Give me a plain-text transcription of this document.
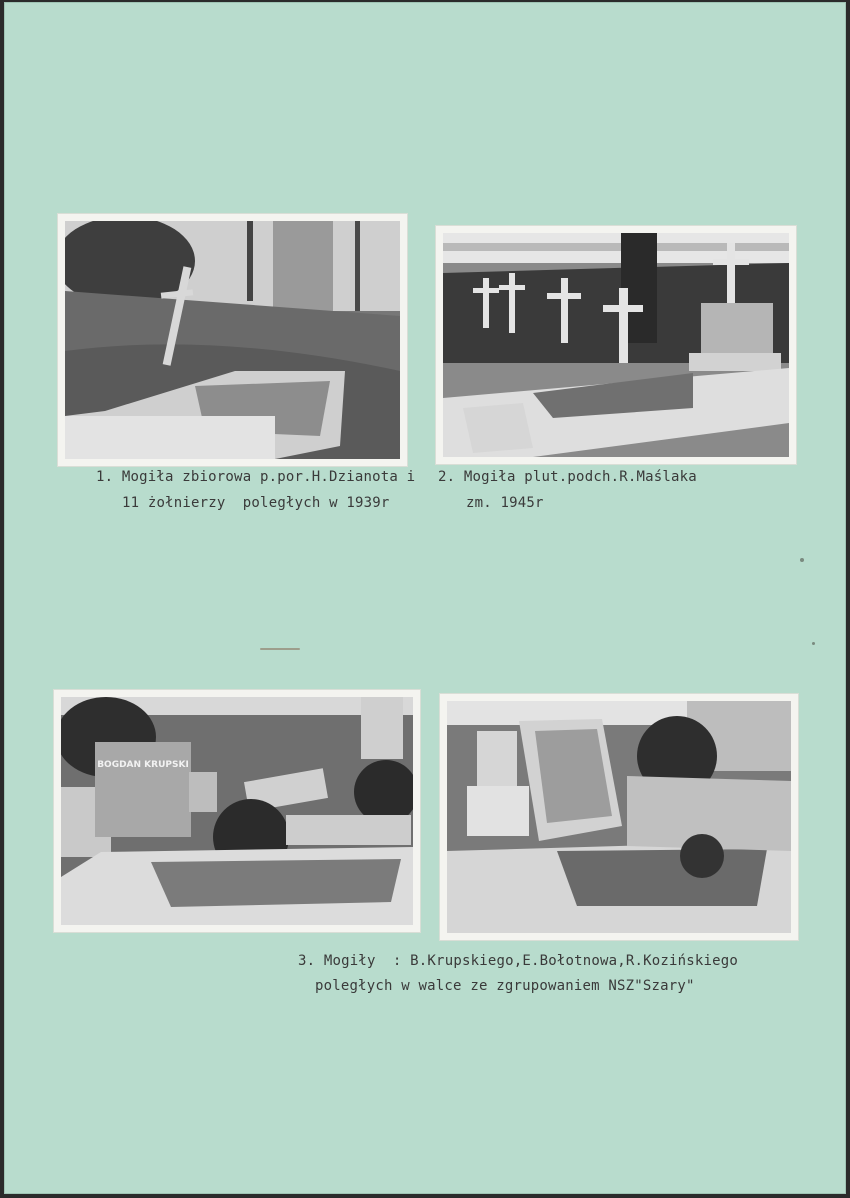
BOGDAN KRUPSKI
1. Mogiła zbiorowa p.por.H.Dzianota i
11 żołnierzy  poległych w 1939r
2. Mogiła plut.podch.R.Maślaka
zm. 1945r
3. Mogiły  : B.Krupskiego,E.Bołotnowa,R.Kozińskiego
poległych w walce ze zgrupowaniem NSZ"Szary"
